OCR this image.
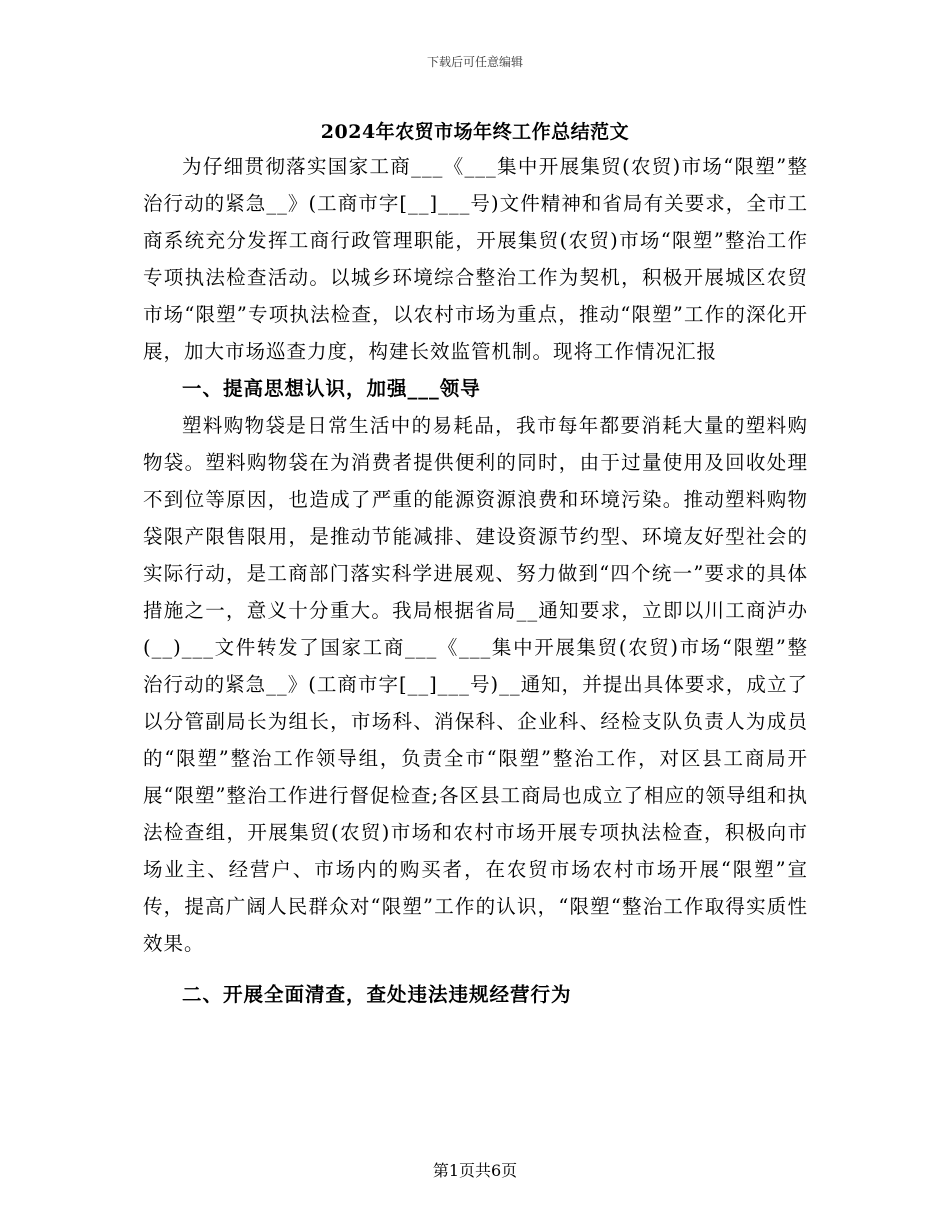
下载后可任意编辑
2024年农贸市场年终工作总结范文

为仔细贯彻落实国家工商___《___集中开展集贸(农贸)市场“限塑”整治行动的紧急__》(工商市字[__]___号)文件精神和省局有关要求，全市工商系统充分发挥工商行政管理职能，开展集贸(农贸)市场“限塑”整治工作专项执法检查活动。以城乡环境综合整治工作为契机，积极开展城区农贸市场“限塑”专项执法检查，以农村市场为重点，推动“限塑”工作的深化开展，加大市场巡查力度，构建长效监管机制。现将工作情况汇报

一、提高思想认识，加强___领导

塑料购物袋是日常生活中的易耗品，我市每年都要消耗大量的塑料购物袋。塑料购物袋在为消费者提供便利的同时，由于过量使用及回收处理不到位等原因，也造成了严重的能源资源浪费和环境污染。推动塑料购物袋限产限售限用，是推动节能减排、建设资源节约型、环境友好型社会的实际行动，是工商部门落实科学进展观、努力做到“四个统一”要求的具体措施之一，意义十分重大。我局根据省局__通知要求，立即以川工商泸办(__)___文件转发了国家工商___《___集中开展集贸(农贸)市场“限塑”整治行动的紧急__》(工商市字[__]___号)__通知，并提出具体要求，成立了以分管副局长为组长，市场科、消保科、企业科、经检支队负责人为成员的“限塑”整治工作领导组，负责全市“限塑”整治工作，对区县工商局开展“限塑”整治工作进行督促检查;各区县工商局也成立了相应的领导组和执法检查组，开展集贸(农贸)市场和农村市场开展专项执法检查，积极向市场业主、经营户、市场内的购买者，在农贸市场农村市场开展“限塑”宣传，提高广阔人民群众对“限塑”工作的认识，“限塑“整治工作取得实质性效果。

二、开展全面清查，查处违法违规经营行为

第1页共6页
